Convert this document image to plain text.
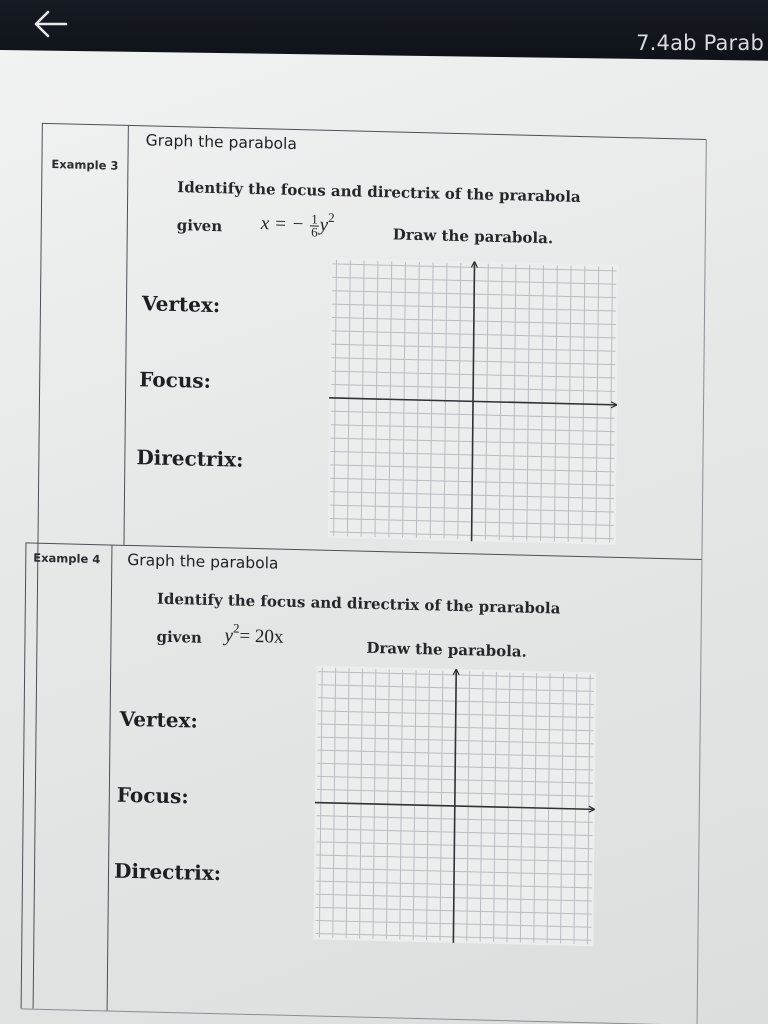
7.4ab Parab
Example 3
Graph the parabola
Identify the focus and directrix of the prarabola
given x = − $\frac{1}{6} y^2$
Draw the parabola.
Vertex:
Focus:
Directrix:
Example 4 Graph the parabola
Identify the focus and directrix of the prarabola
given $y^2= 20x$
Draw the parabola.
Vertex:
Focus:
Directrix:
